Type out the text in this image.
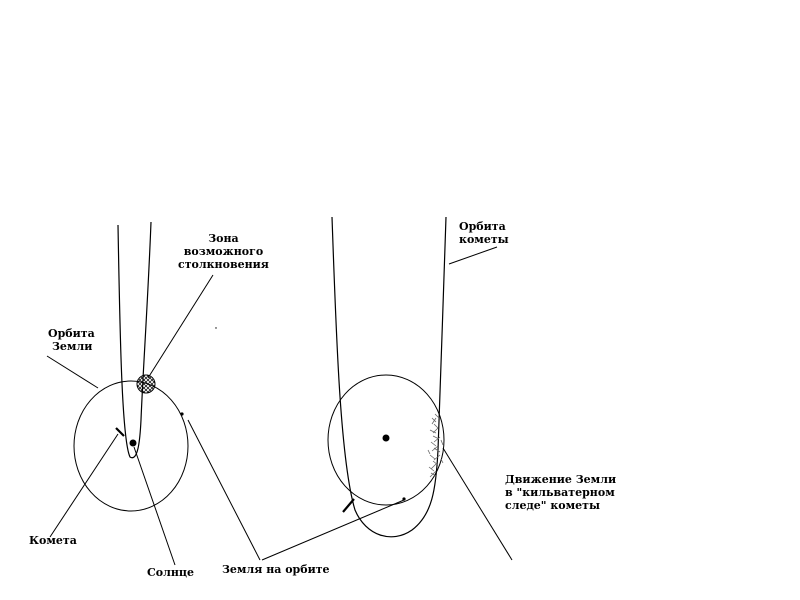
Зона
возможного
столкновения
Орбита
Земли
Комета
Солнце	Земля на орбите
Орбита
кометы
Движение Земли
в "кильватерном
следе" кометы
